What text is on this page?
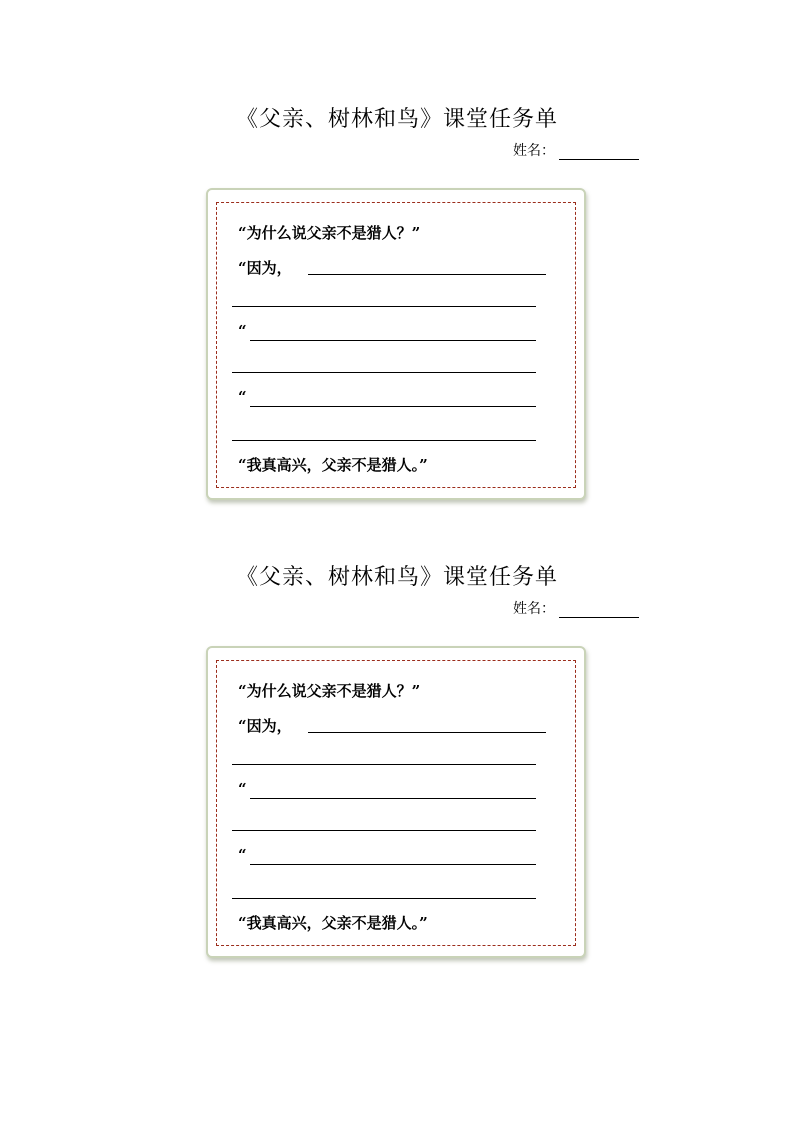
《父亲、树林和鸟》课堂任务单
姓名：
“为什么说父亲不是猎人？”
“因为，
“
“
“我真高兴，父亲不是猎人。”
《父亲、树林和鸟》课堂任务单
姓名：
“为什么说父亲不是猎人？”
“因为，
“
“
“我真高兴，父亲不是猎人。”
